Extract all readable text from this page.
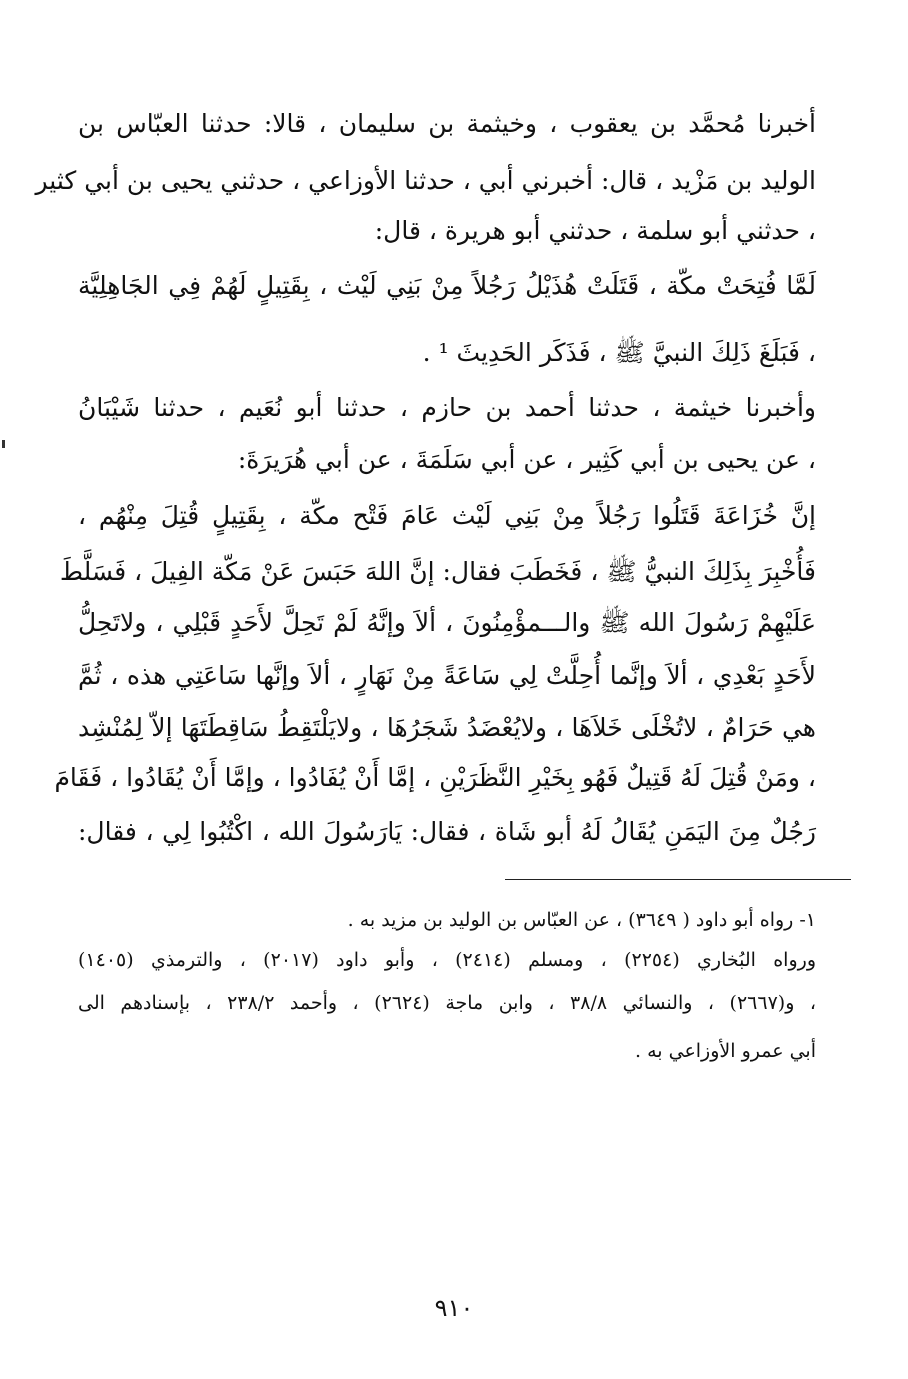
أخبرنا مُحمَّد بن يعقوب ، وخيثمة بن سليمان ، قالا: حدثنا العبّاس بن
الوليد بن مَزْيد ، قال: أخبرني أبي ، حدثنا الأوزاعي ، حدثني يحيى بن أبي كثير
، حدثني أبو سلمة ، حدثني أبو هريرة ، قال:
لَمَّا فُتِحَتْ مكّة ، قَتَلَتْ هُذَيْلُ رَجُلاً مِنْ بَنِي لَيْث ، بِقَتِيلٍ لَهُمْ فِي الجَاهِلِيَّة
، فَبَلَغَ ذَلِكَ النبيَّ ﷺ ، فَذَكَر الحَدِيثَ ¹ .
وأخبرنا خيثمة ، حدثنا أحمد بن حازم ، حدثنا أبو نُعَيم ، حدثنا شَيْبَانُ
، عن يحيى بن أبي كَثِير ، عن أبي سَلَمَةَ ، عن أبي هُرَيرَةَ:
إنَّ خُزَاعَةَ قَتَلُوا رَجُلاً مِنْ بَنِي لَيْث عَامَ فَتْح مكّة ، بِقَتِيلٍ قُتِلَ مِنْهُم ،
فَأُخْبِرَ بِذَلِكَ النبيُّ ﷺ ، فَخَطَبَ فقال: إنَّ اللهَ حَبَسَ عَنْ مَكّة الفِيلَ ، فَسَلَّطَ
عَلَيْهِمْ رَسُولَ الله ﷺ والـــمؤْمِنُونَ ، ألاَ وإنَّهُ لَمْ تَحِلَّ لأَحَدٍ قَبْلِي ، ولاتَحِلُّ
لأَحَدٍ بَعْدِي ، ألاَ وإنَّما أُحِلَّتْ لِي سَاعَةً مِنْ نَهَارٍ ، ألاَ وإنَّها سَاعَتِي هذه ، ثُمَّ
هي حَرَامٌ ، لاتُخْلَى خَلاَهَا ، ولايُعْضَدُ شَجَرُهَا ، ولايَلْتَقِطُ سَاقِطَتَهَا إلاّ لِمُنْشِد
، ومَنْ قُتِلَ لَهُ قَتِيلٌ فَهُو بِخَيْرِ النَّظَرَيْنِ ، إمَّا أَنْ يُفَادُوا ، وإمَّا أَنْ يُقَادُوا ، فَقَامَ
رَجُلٌ مِنَ اليَمَنِ يُقَالُ لَهُ أبو شَاة ، فقال: يَارَسُولَ الله ، اكْتُبُوا لِي ، فقال:
١- رواه أبو داود ( ٣٦٤٩) ، عن العبّاس بن الوليد بن مزيد به .
ورواه البُخاري (٢٢٥٤) ، ومسلم (٢٤١٤) ، وأبو داود (٢٠١٧) ، والترمذي (١٤٠٥)
، و(٢٦٦٧) ، والنسائي ٣٨/٨ ، وابن ماجة (٢٦٢٤) ، وأحمد ٢٣٨/٢ ، بإسنادهم الى
أبي عمرو الأوزاعي به .
٩١٠
